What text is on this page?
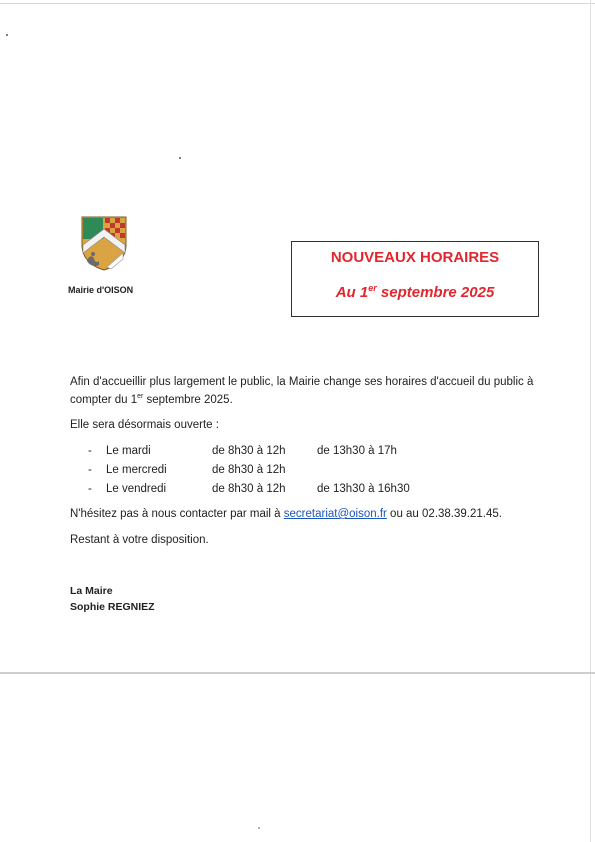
Mairie d'OISON
NOUVEAUX HORAIRES
Au 1er septembre 2025
Afin d'accueillir plus largement le public, la Mairie change ses horaires d'accueil du public à compter du 1er septembre 2025.
Elle sera désormais ouverte :
- Le mardi	de 8h30 à 12h	de 13h30 à 17h
- Le mercredi	de 8h30 à 12h
- Le vendredi	de 8h30 à 12h	de 13h30 à 16h30
N'hésitez pas à nous contacter par mail à secretariat@oison.fr ou au 02.38.39.21.45.
Restant à votre disposition.
La Maire
Sophie REGNIEZ
